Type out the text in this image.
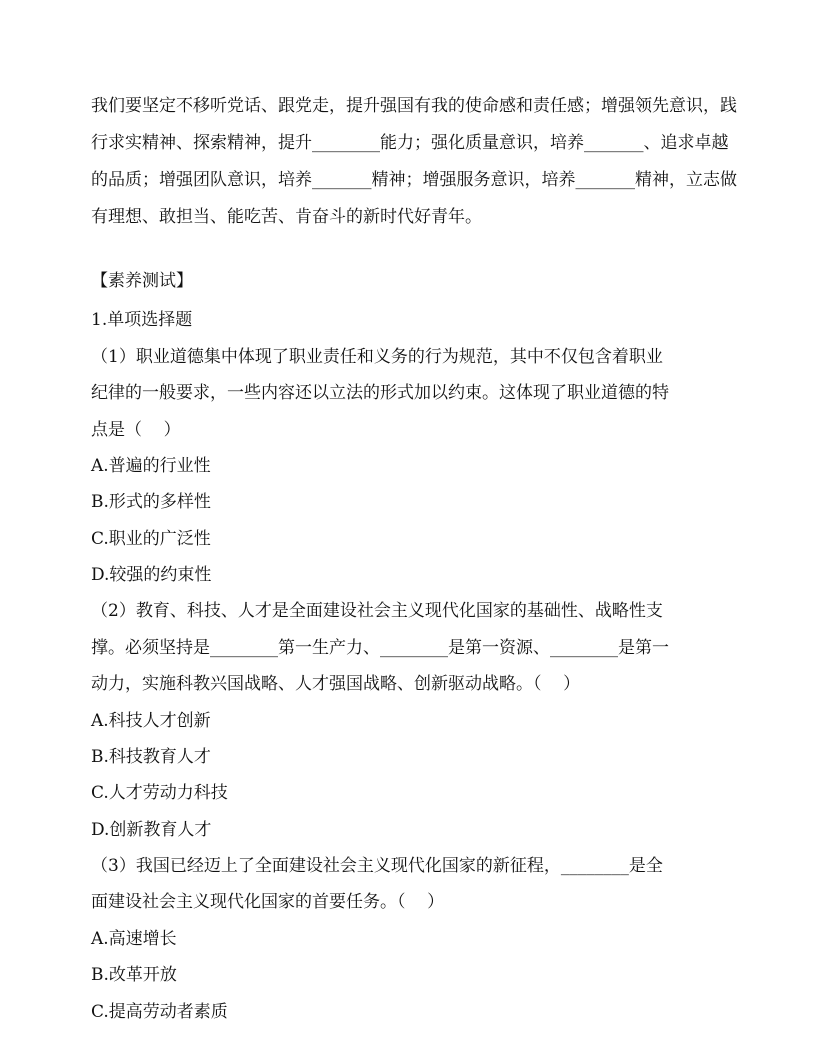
我们要坚定不移听党话、跟党走，提升强国有我的使命感和责任感；增强领先意识，践行求实精神、探索精神，提升________能力；强化质量意识，培养_______、追求卓越的品质；增强团队意识，培养_______精神；增强服务意识，培养_______精神，立志做有理想、敢担当、能吃苦、肯奋斗的新时代好青年。
【素养测试】
1.单项选择题
（1）职业道德集中体现了职业责任和义务的行为规范，其中不仅包含着职业
纪律的一般要求，一些内容还以立法的形式加以约束。这体现了职业道德的特
点是（    ）
A.普遍的行业性
B.形式的多样性
C.职业的广泛性
D.较强的约束性
（2）教育、科技、人才是全面建设社会主义现代化国家的基础性、战略性支
撑。必须坚持是________第一生产力、________是第一资源、________是第一
动力，实施科教兴国战略、人才强国战略、创新驱动战略。（    ）
A.科技人才创新
B.科技教育人才
C.人才劳动力科技
D.创新教育人才
（3）我国已经迈上了全面建设社会主义现代化国家的新征程，________是全
面建设社会主义现代化国家的首要任务。（    ）
A.高速增长
B.改革开放
C.提高劳动者素质
